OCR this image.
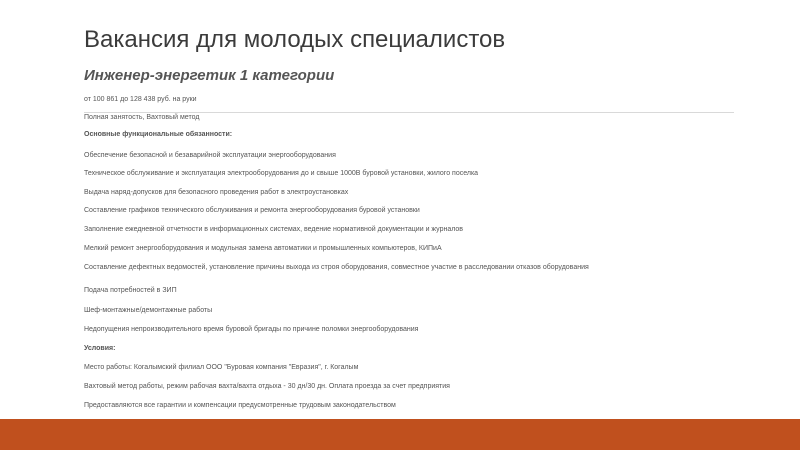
Вакансия для молодых специалистов
Инженер-энергетик 1 категории
от 100 861 до 128 438 руб. на руки
Полная занятость, Вахтовый метод
Основные функциональные обязанности:
Обеспечение безопасной и безаварийной эксплуатации энергооборудования
Техническое обслуживание и эксплуатация электрооборудования до и свыше 1000В буровой установки, жилого поселка
Выдача наряд-допусков для безопасного проведения работ в электроустановках
Составление графиков технического обслуживания и ремонта энергооборудования буровой установки
Заполнение ежедневной отчетности в информационных системах, ведение нормативной документации и журналов
Мелкий ремонт энергооборудования и модульная замена автоматики и промышленных компьютеров, КИПиА
Составление дефектных ведомостей, установление причины выхода из строя оборудования, совместное участие в расследовании отказов оборудования
Подача потребностей в ЗИП
Шеф-монтажные/демонтажные работы
Недопущения непроизводительного время буровой бригады по причине поломки энергооборудования
Условия:
Место работы: Когалымский филиал ООО "Буровая компания "Евразия", г. Когалым
Вахтовый метод работы, режим рабочая вахта/вахта отдыха - 30 дн/30 дн. Оплата проезда за счет предприятия
Предоставляются все гарантии и компенсации предусмотренные трудовым законодательством
